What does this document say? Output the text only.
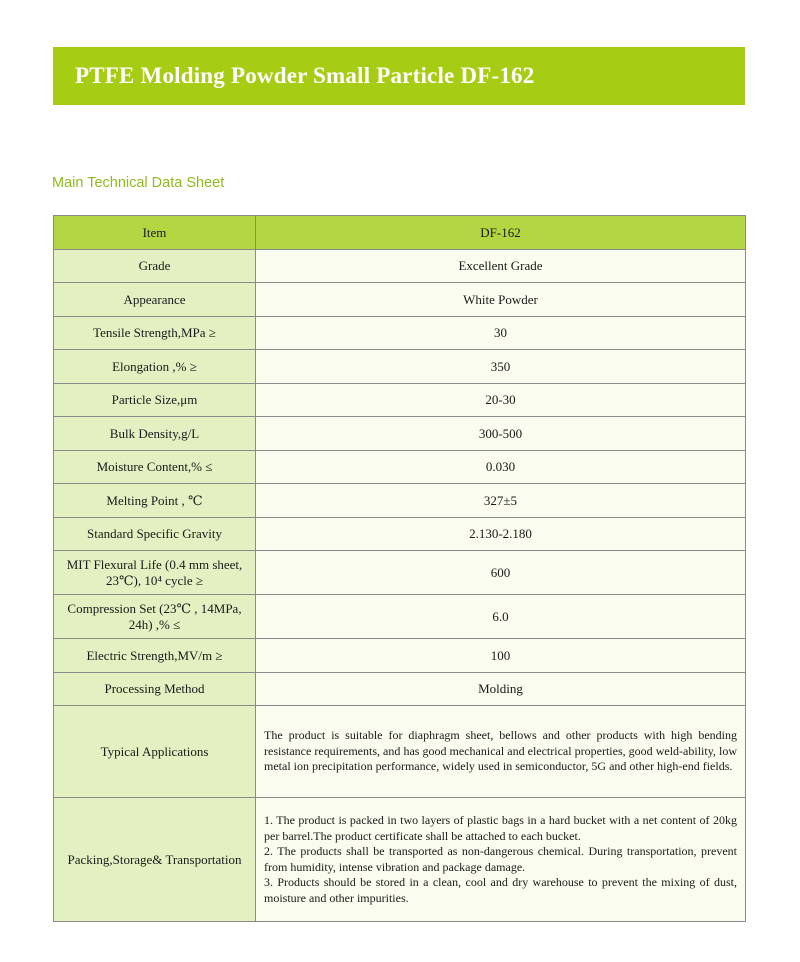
PTFE Molding Powder Small Particle DF-162
Main Technical Data Sheet
Item	DF-162
Grade	Excellent Grade
Appearance	White Powder
Tensile Strength,MPa ≥	30
Elongation ,% ≥	350
Particle Size,μm	20-30
Bulk Density,g/L	300-500
Moisture Content,% ≤	0.030
Melting Point , ℃	327±5
Standard Specific Gravity	2.130-2.180
MIT Flexural Life (0.4 mm sheet, 23℃), 10⁴ cycle ≥	600
Compression Set (23℃ , 14MPa, 24h) ,% ≤	6.0
Electric Strength,MV/m ≥	100
Processing Method	Molding
Typical Applications	The product is suitable for diaphragm sheet, bellows and other products with high bending resistance requirements, and has good mechanical and electrical properties, good weld-ability, low metal ion precipitation performance, widely used in semiconductor, 5G and other high-end fields.
Packing,Storage& Transportation	1. The product is packed in two layers of plastic bags in a hard bucket with a net content of 20kg per barrel.The product certificate shall be attached to each bucket.
2. The products shall be transported as non-dangerous chemical. During transportation, prevent from humidity, intense vibration and package damage.
3. Products should be stored in a clean, cool and dry warehouse to prevent the mixing of dust, moisture and other impurities.
